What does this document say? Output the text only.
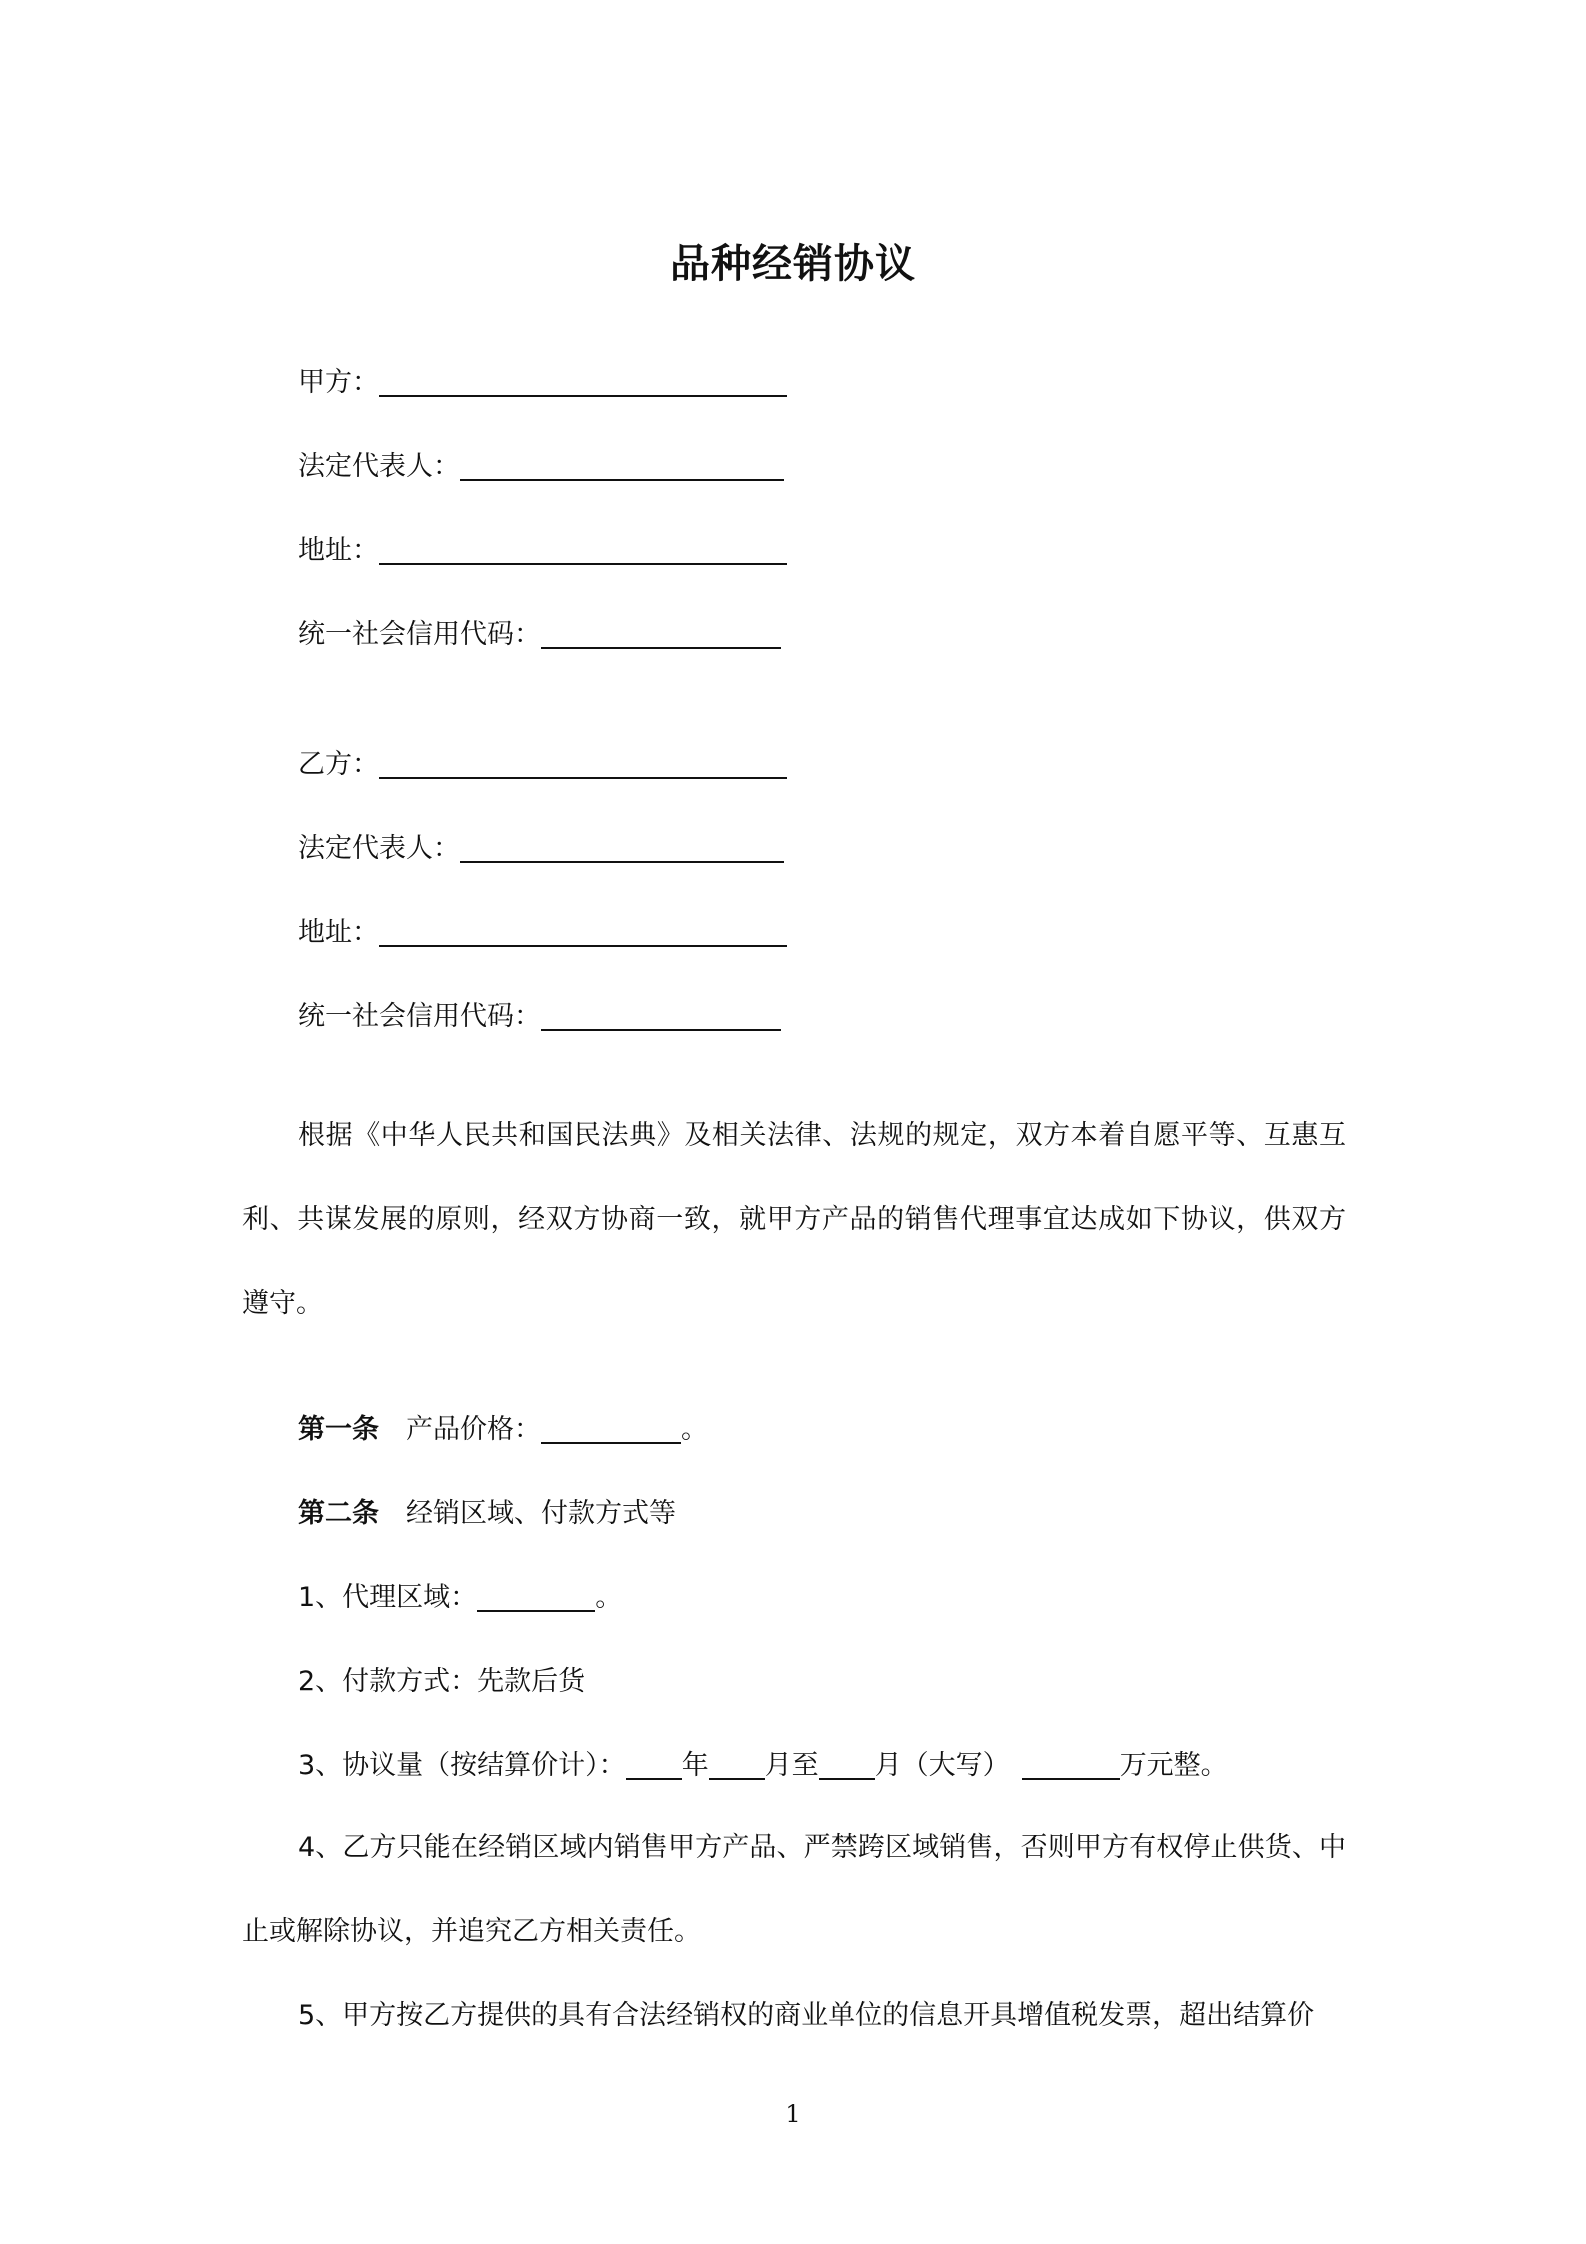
品种经销协议
甲方：
法定代表人：
地址：
统一社会信用代码：
乙方：
法定代表人：
地址：
统一社会信用代码：
根据《中华人民共和国民法典》及相关法律、法规的规定，双方本着自愿平等、互惠互利、共谋发展的原则，经双方协商一致，就甲方产品的销售代理事宜达成如下协议，供双方遵守。
第一条 产品价格：	。
第二条 经销区域、付款方式等
1、代理区域：	。
2、付款方式：先款后货
3、协议量（按结算价计）： 年 月至 月（大写）	万元整。
4、乙方只能在经销区域内销售甲方产品、严禁跨区域销售，否则甲方有权停止供货、中止或解除协议，并追究乙方相关责任。
5、甲方按乙方提供的具有合法经销权的商业单位的信息开具增值税发票，超出结算价
1
